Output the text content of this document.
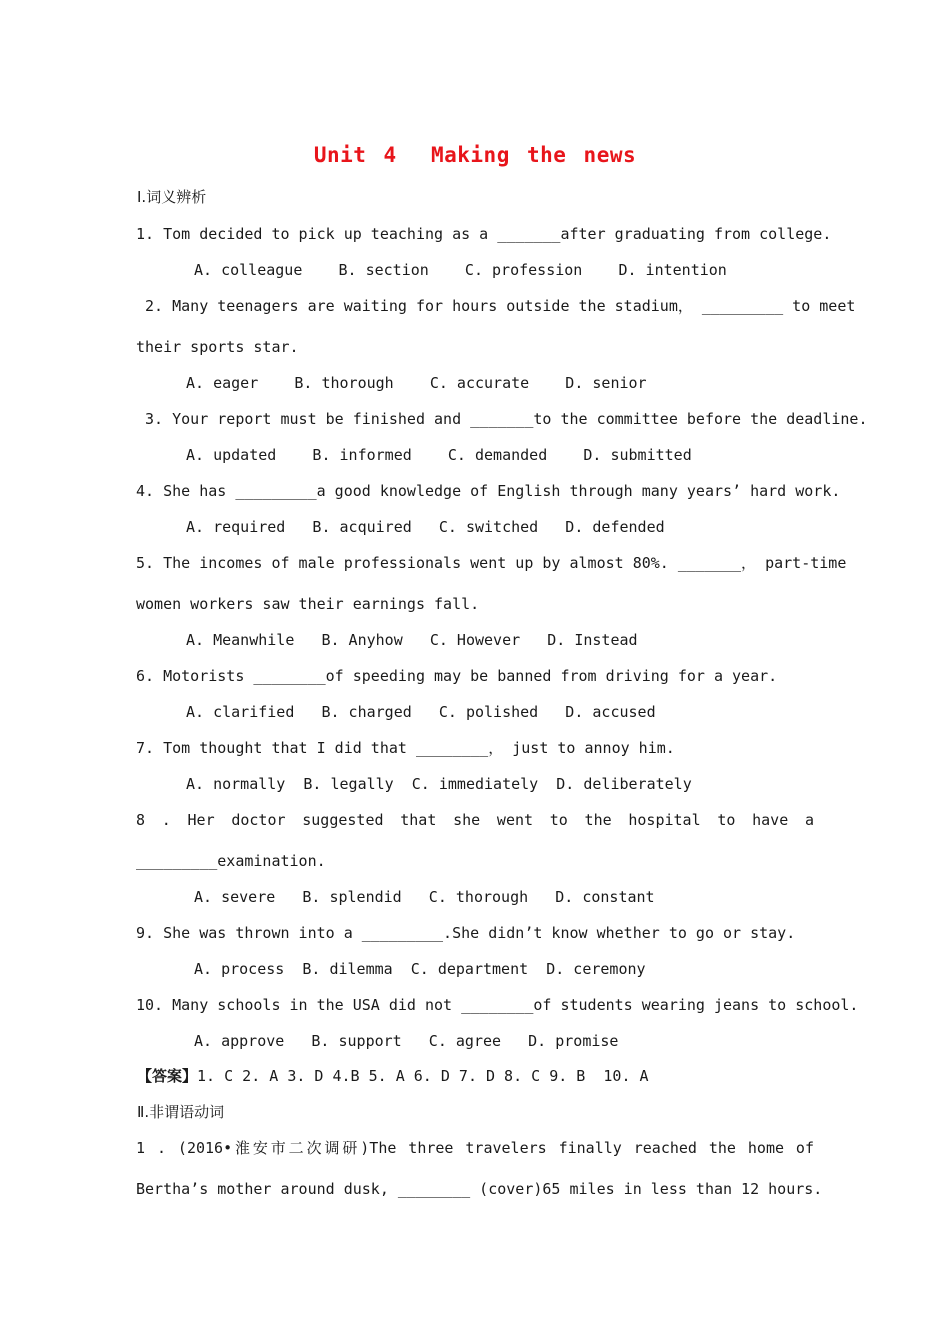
Unit 4  Making the news
Ⅰ.词义辨析
1. Tom decided to pick up teaching as a _______after graduating from college.
A. colleague    B. section    C. profession    D. intention
2. Many teenagers are waiting for hours outside the stadium， _________ to meet
their sports star.
A. eager    B. thorough    C. accurate    D. senior
3. Your report must be finished and _______to the committee before the deadline.
A. updated    B. informed    C. demanded    D. submitted
4. She has _________a good knowledge of English through many years’ hard work.
A. required   B. acquired   C. switched   D. defended
5. The incomes of male professionals went up by almost 80%. _______， part-time
women workers saw their earnings fall.
A. Meanwhile   B. Anyhow   C. However   D. Instead
6. Motorists ________of speeding may be banned from driving for a year.
A. clarified   B. charged   C. polished   D. accused
7. Tom thought that I did that ________， just to annoy him.
A. normally  B. legally  C. immediately  D. deliberately
8 . Her doctor suggested that she went to the hospital to have a
_________examination.
A. severe   B. splendid   C. thorough   D. constant
9. She was thrown into a _________.She didn’t know whether to go or stay.
A. process  B. dilemma  C. department  D. ceremony
10. Many schools in the USA did not ________of students wearing jeans to school.
A. approve   B. support   C. agree   D. promise
【答案】1. C 2. A 3. D 4.B 5. A 6. D 7. D 8. C 9. B  10. A
Ⅱ.非谓语动词
1 . (2016•淮安市二次调研)The three travelers finally reached the home of
Bertha’s mother around dusk, ________ (cover)65 miles in less than 12 hours.
